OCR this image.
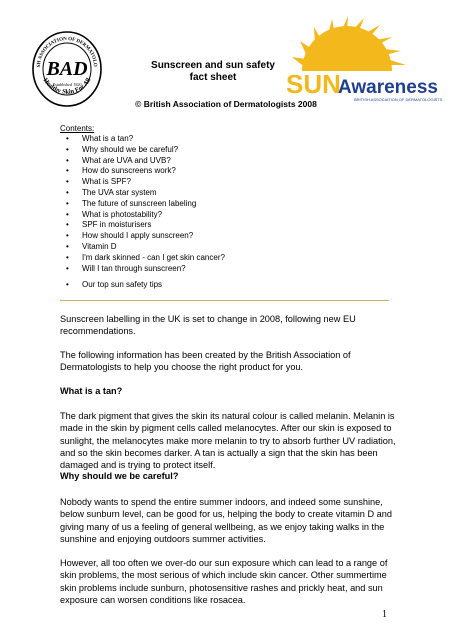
SH ASSOCIATION OF DERMATOLO
Healthy Skin For All
BAD
Established 1920
Sunscreen and sun safety
fact sheet	SUN
Awareness
BRITISH ASSOCIATION OF DERMATOLOGISTS
© British Association of Dermatologists 2008
Contents:
• What is a tan?
• Why should we be careful?
• What are UVA and UVB?
• How do sunscreens work?
• What is SPF?
• The UVA star system
• The future of sunscreen labeling
• What is photostability?
• SPF in moisturisers
• How should I apply sunscreen?
• Vitamin D
• I'm dark skinned - can I get skin cancer?
• Will I tan through sunscreen?
• Our top sun safety tips

Sunscreen labelling in the UK is set to change in 2008, following new EU recommendations.

The following information has been created by the British Association of Dermatologists to help you choose the right product for you.

What is a tan?

The dark pigment that gives the skin its natural colour is called melanin. Melanin is made in the skin by pigment cells called melanocytes. After our skin is exposed to sunlight, the melanocytes make more melanin to try to absorb further UV radiation, and so the skin becomes darker. A tan is actually a sign that the skin has been damaged and is trying to protect itself.

Why should we be careful?

Nobody wants to spend the entire summer indoors, and indeed some sunshine, below sunburn level, can be good for us, helping the body to create vitamin D and giving many of us a feeling of general wellbeing, as we enjoy taking walks in the sunshine and enjoying outdoors summer activities.

However, all too often we over-do our sun exposure which can lead to a range of skin problems, the most serious of which include skin cancer. Other summertime skin problems include sunburn, photosensitive rashes and prickly heat, and sun exposure can worsen conditions like rosacea.

1
